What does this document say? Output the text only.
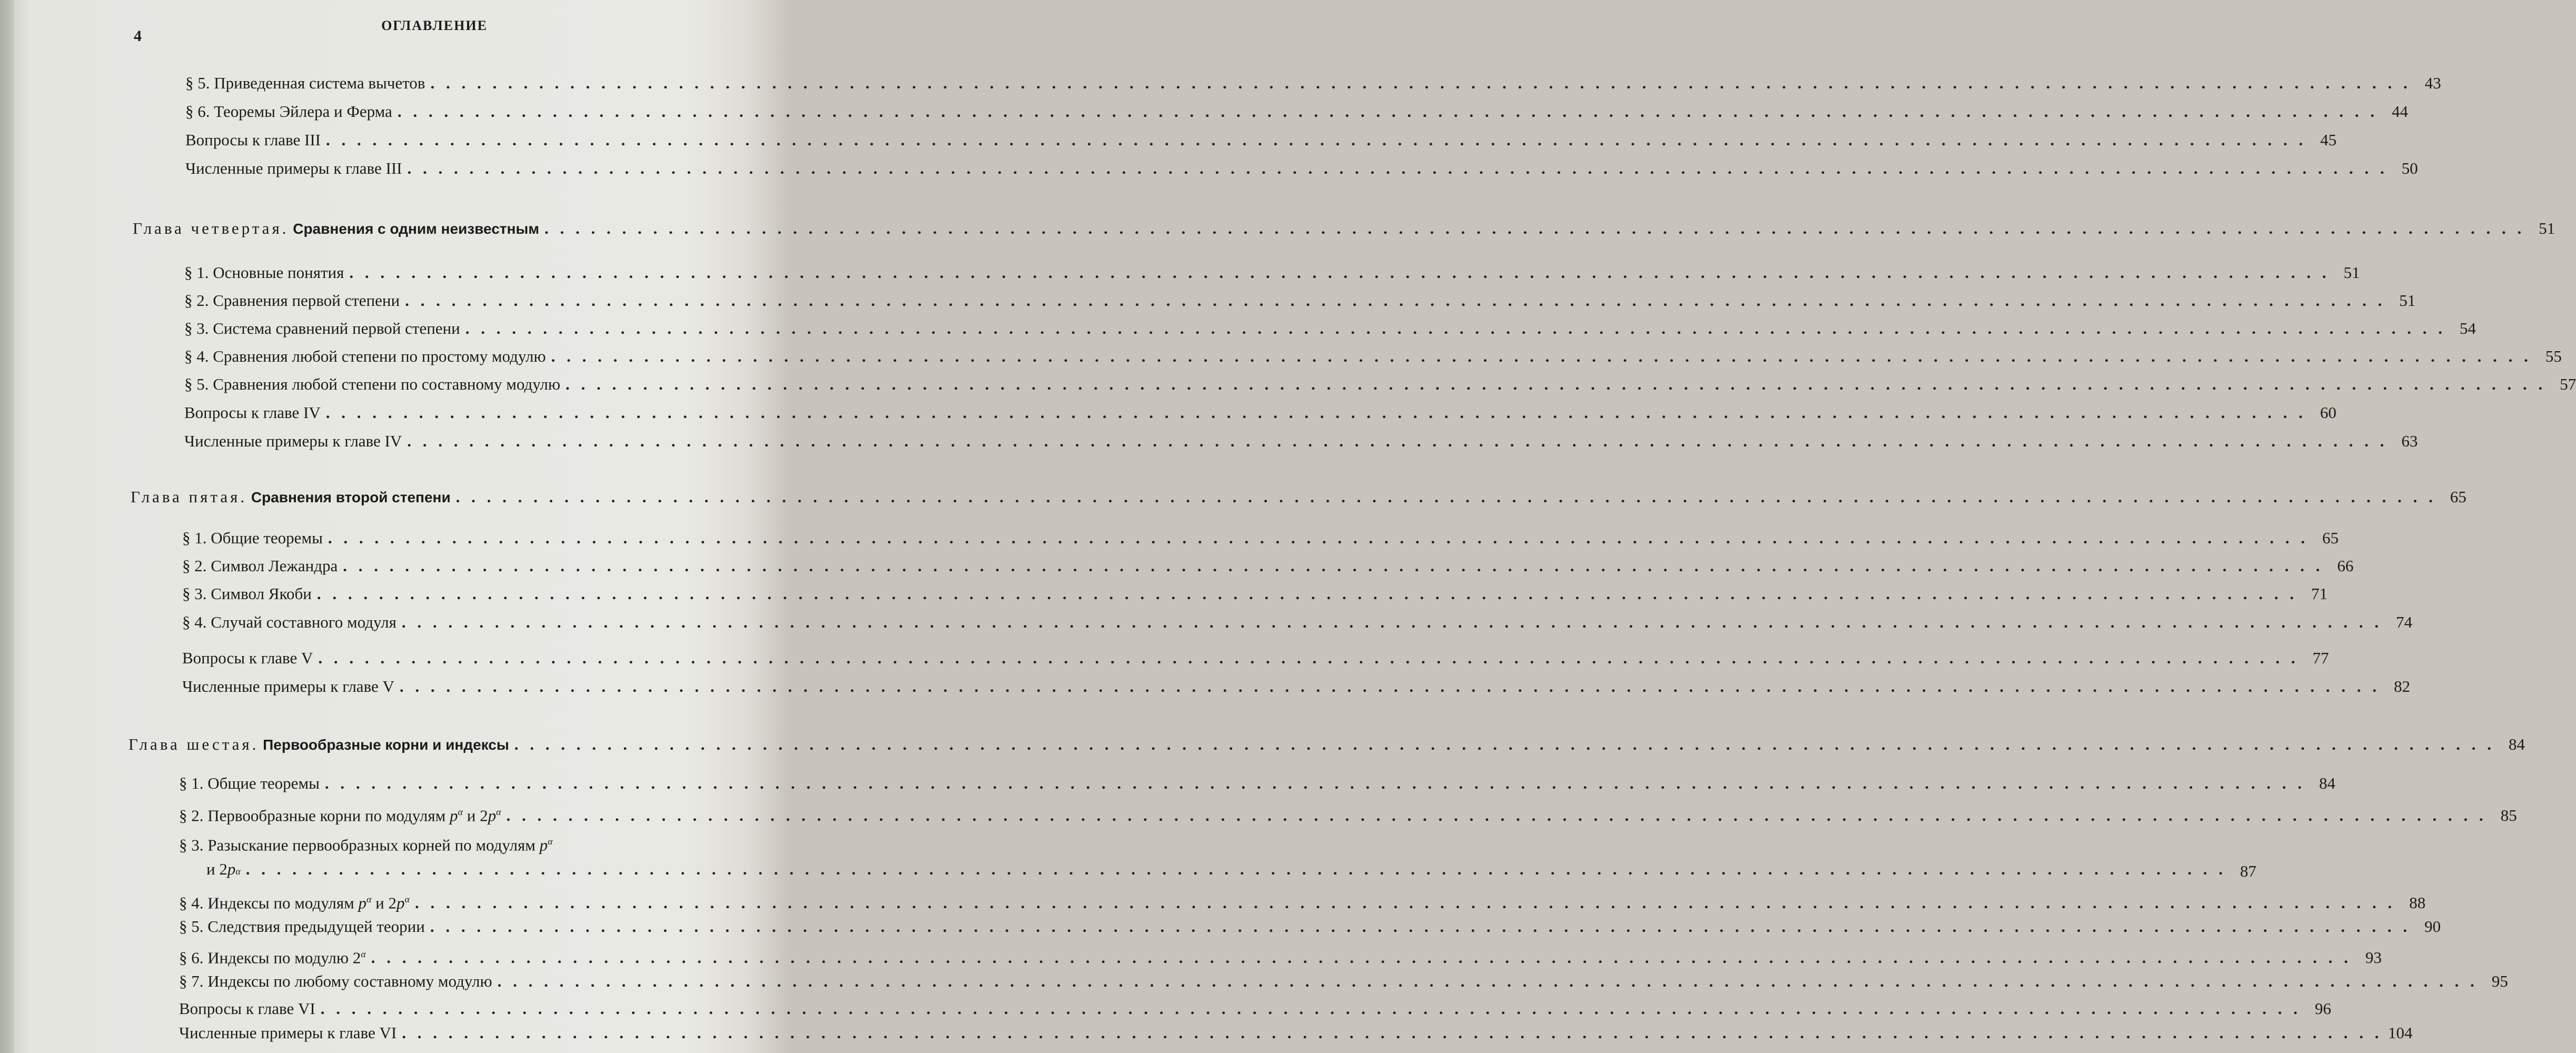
4
ОГЛАВЛЕНИЕ
§ 5. Приведенная система вычетов . . .	43
§ 6. Теоремы Эйлера и Ферма . . .	44
Вопросы к главе III . . .	45
Численные примеры к главе III . . .	50
Глава четвертая. Сравнения с одним неизвестным . . .	51
§ 1. Основные понятия . . .	51
§ 2. Сравнения первой степени . . .	51
§ 3. Система сравнений первой степени . . .	54
§ 4. Сравнения любой степени по простому модулю . . .	55
§ 5. Сравнения любой степени по составному модулю . . .	57
Вопросы к главе IV . . .	60
Численные примеры к главе IV . . .	63
Глава пятая. Сравнения второй степени . . .	65
§ 1. Общие теоремы . . .	65
§ 2. Символ Лежандра . . .	66
§ 3. Символ Якоби . . .	71
§ 4. Случай составного модуля . . .	74
Вопросы к главе V . . .	77
Численные примеры к главе V . . .	82
Глава шестая. Первообразные корни и индексы . . .	84
§ 1. Общие теоремы . . .	84
§ 2. Первообразные корни по модулям $p^\alpha$ и $2p^\alpha$ . . .	85
§ 3. Разыскание первообразных корней по модулям $p^\alpha$
и 2 p α . . .	87
§ 4. Индексы по модулям $p^\alpha$ и $2p^\alpha$ . . .	88
§ 5. Следствия предыдущей теории . . .	90
§ 6. Индексы по модулю $2^\alpha$ . . .	93
§ 7. Индексы по любому составному модулю . . .	95
Вопросы к главе VI . . .	96
Численные примеры к главе VI . . .	104
